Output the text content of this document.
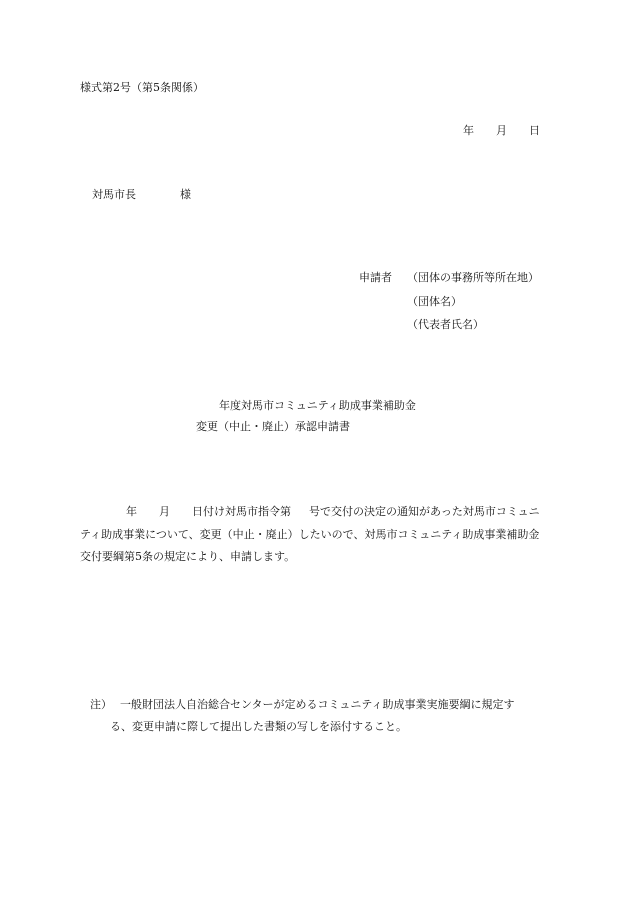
様式第2号（第5条関係）
年 月 日
対馬市長	様
申請者 （団体の事務所等所在地）
（団体名）
（代表者氏名）
年度対馬市コミュニティ助成事業補助金
変更（中止・廃止）承認申請書
年 月 日付け対馬市指令第 号で交付の決定の通知があった対馬市コミュニティ助成事業について、変更（中止・廃止）したいので、対馬市コミュニティ助成事業補助金交付要綱第5条の規定により、申請します。
注） 一般財団法人自治総合センターが定めるコミュニティ助成事業実施要綱に規定す
る、変更申請に際して提出した書類の写しを添付すること。
